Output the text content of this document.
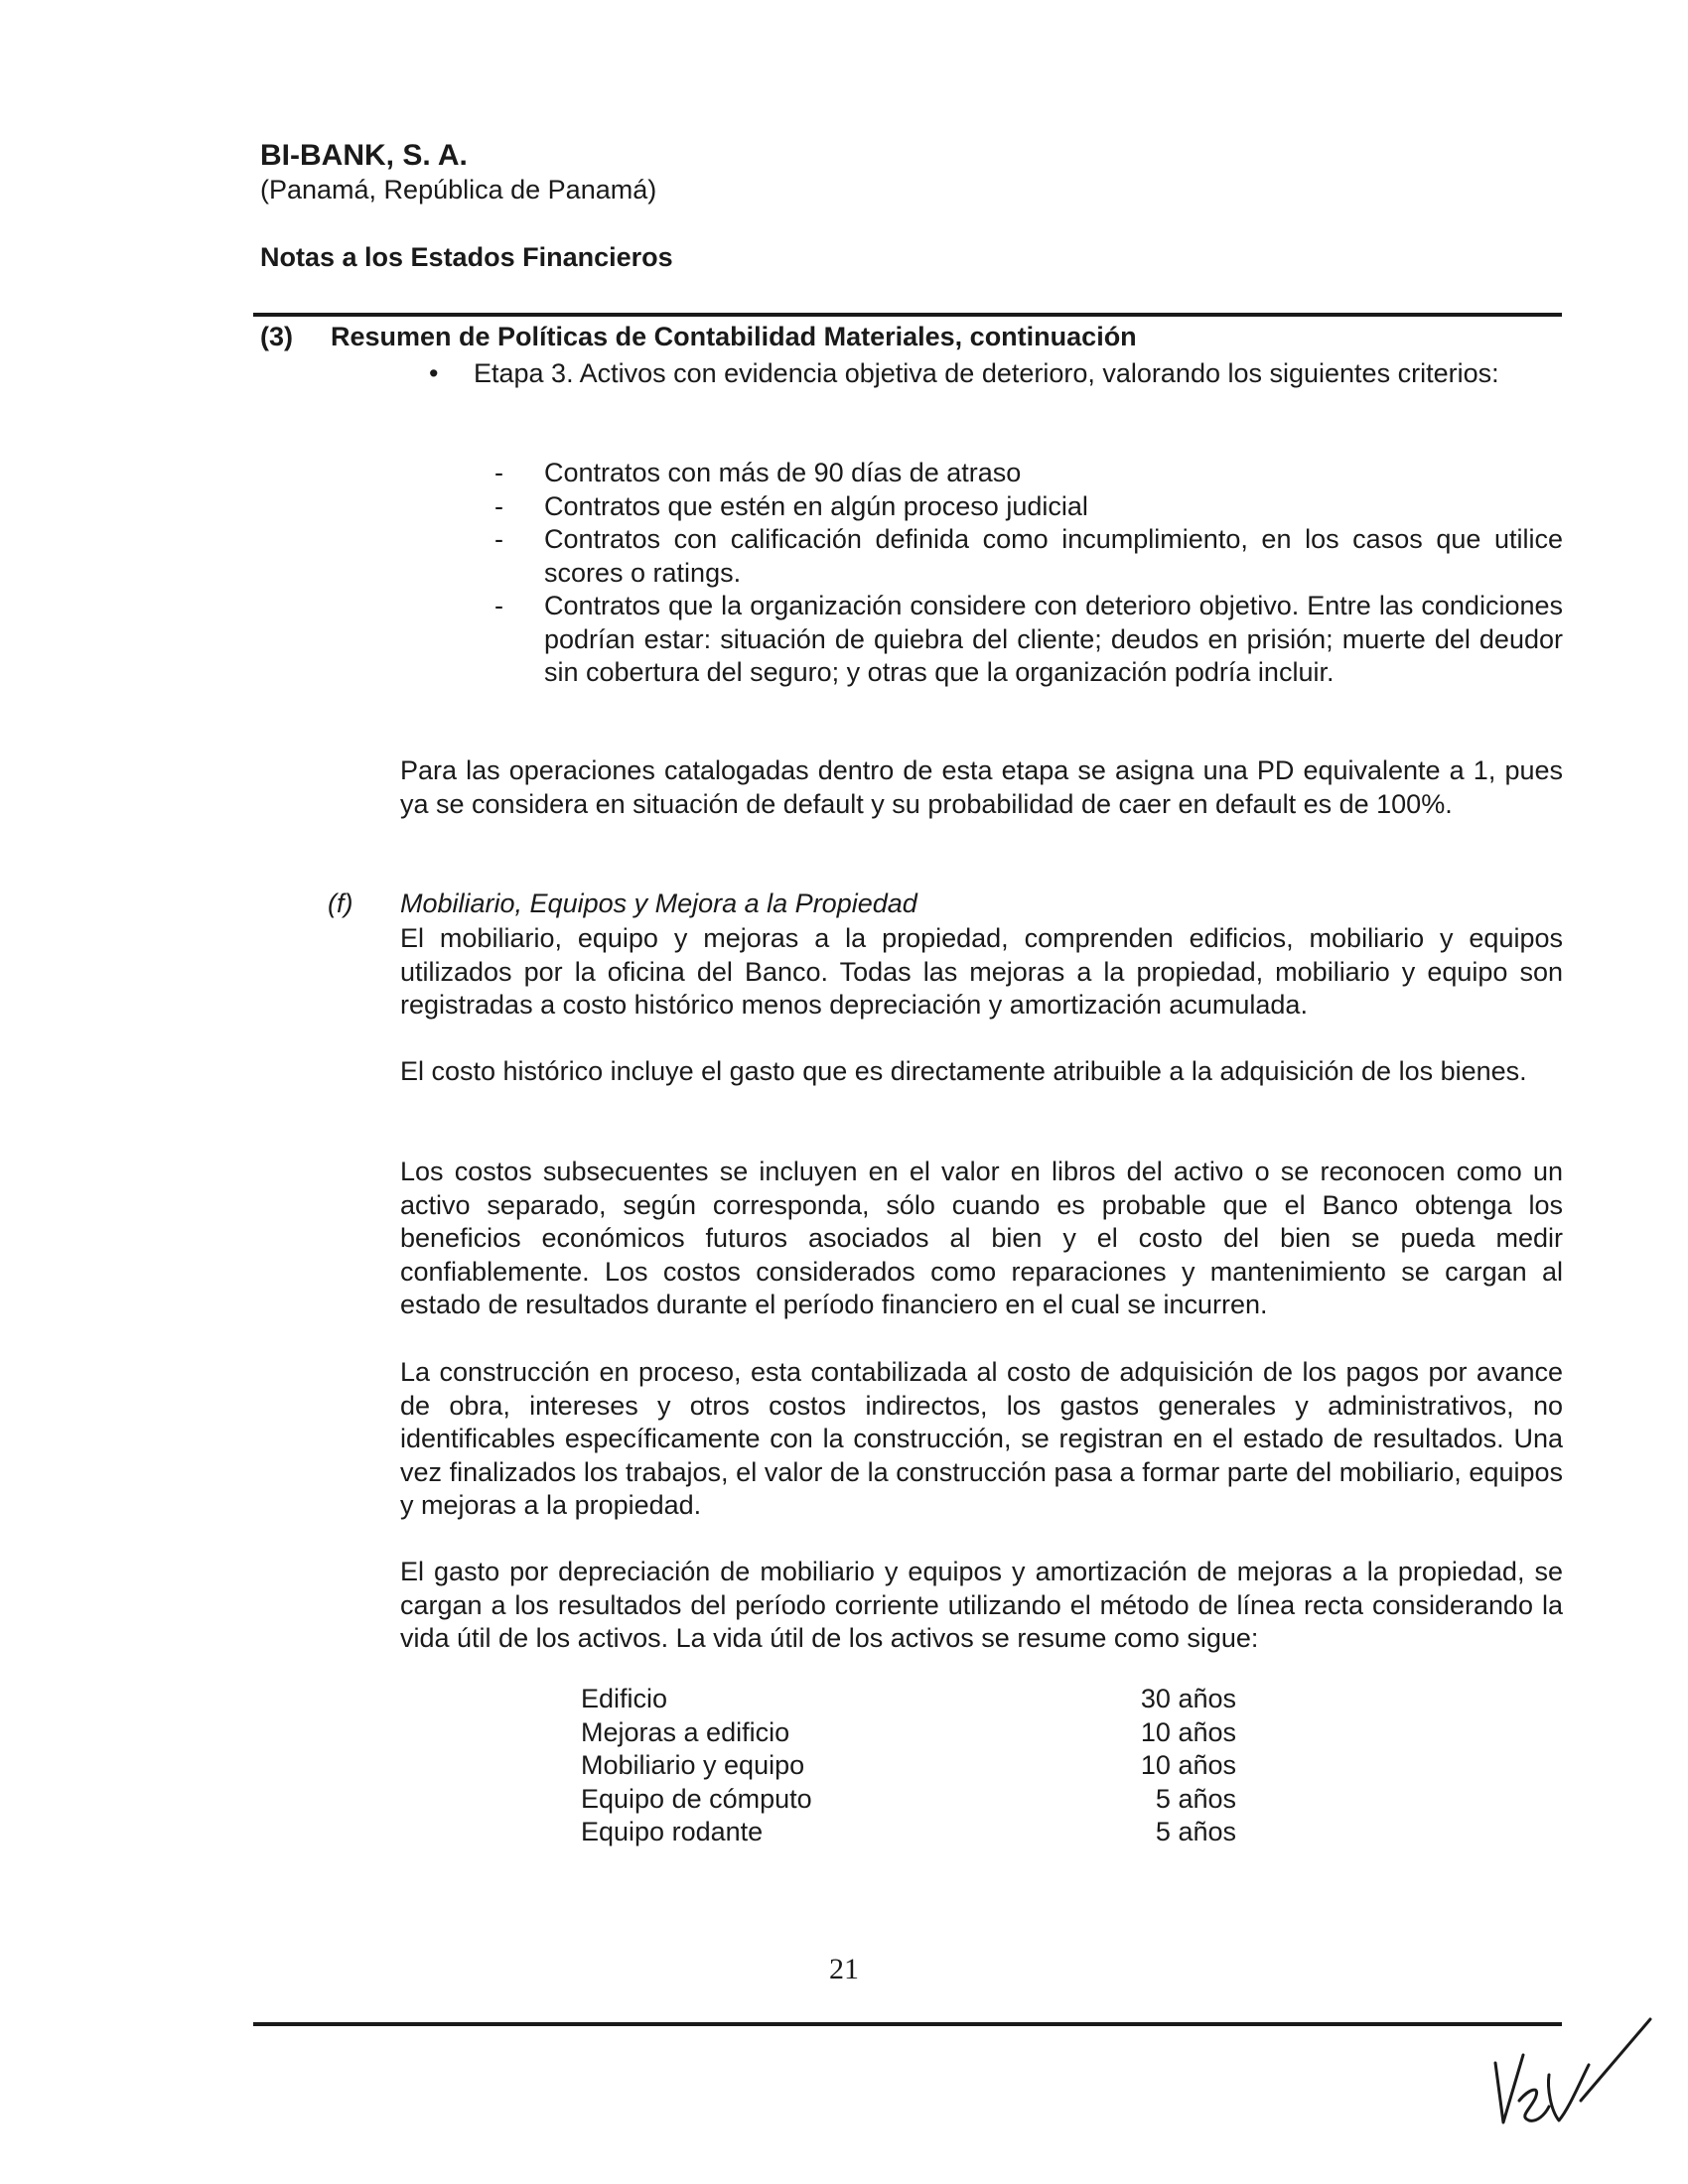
BI-BANK, S. A.
(Panamá, República de Panamá)
Notas a los Estados Financieros
(3) Resumen de Políticas de Contabilidad Materiales, continuación
•	Etapa 3. Activos con evidencia objetiva de deterioro, valorando los siguientes criterios:
-	Contratos con más de 90 días de atraso
-	Contratos que estén en algún proceso judicial
-	Contratos con calificación definida como incumplimiento, en los casos que utilice scores o ratings.
-	Contratos que la organización considere con deterioro objetivo. Entre las condiciones podrían estar: situación de quiebra del cliente; deudos en prisión; muerte del deudor sin cobertura del seguro; y otras que la organización podría incluir.

Para las operaciones catalogadas dentro de esta etapa se asigna una PD equivalente a 1, pues ya se considera en situación de default y su probabilidad de caer en default es de 100%.

(f) Mobiliario, Equipos y Mejora a la Propiedad

El mobiliario, equipo y mejoras a la propiedad, comprenden edificios, mobiliario y equipos utilizados por la oficina del Banco. Todas las mejoras a la propiedad, mobiliario y equipo son registradas a costo histórico menos depreciación y amortización acumulada.

El costo histórico incluye el gasto que es directamente atribuible a la adquisición de los bienes.

Los costos subsecuentes se incluyen en el valor en libros del activo o se reconocen como un activo separado, según corresponda, sólo cuando es probable que el Banco obtenga los beneficios económicos futuros asociados al bien y el costo del bien se pueda medir confiablemente. Los costos considerados como reparaciones y mantenimiento se cargan al estado de resultados durante el período financiero en el cual se incurren.

La construcción en proceso, esta contabilizada al costo de adquisición de los pagos por avance de obra, intereses y otros costos indirectos, los gastos generales y administrativos, no identificables específicamente con la construcción, se registran en el estado de resultados. Una vez finalizados los trabajos, el valor de la construcción pasa a formar parte del mobiliario, equipos y mejoras a la propiedad.

El gasto por depreciación de mobiliario y equipos y amortización de mejoras a la propiedad, se cargan a los resultados del período corriente utilizando el método de línea recta considerando la vida útil de los activos. La vida útil de los activos se resume como sigue:

Edificio	30 años
Mejoras a edificio	10 años
Mobiliario y equipo	10 años
Equipo de cómputo	5 años
Equipo rodante	5 años
21
